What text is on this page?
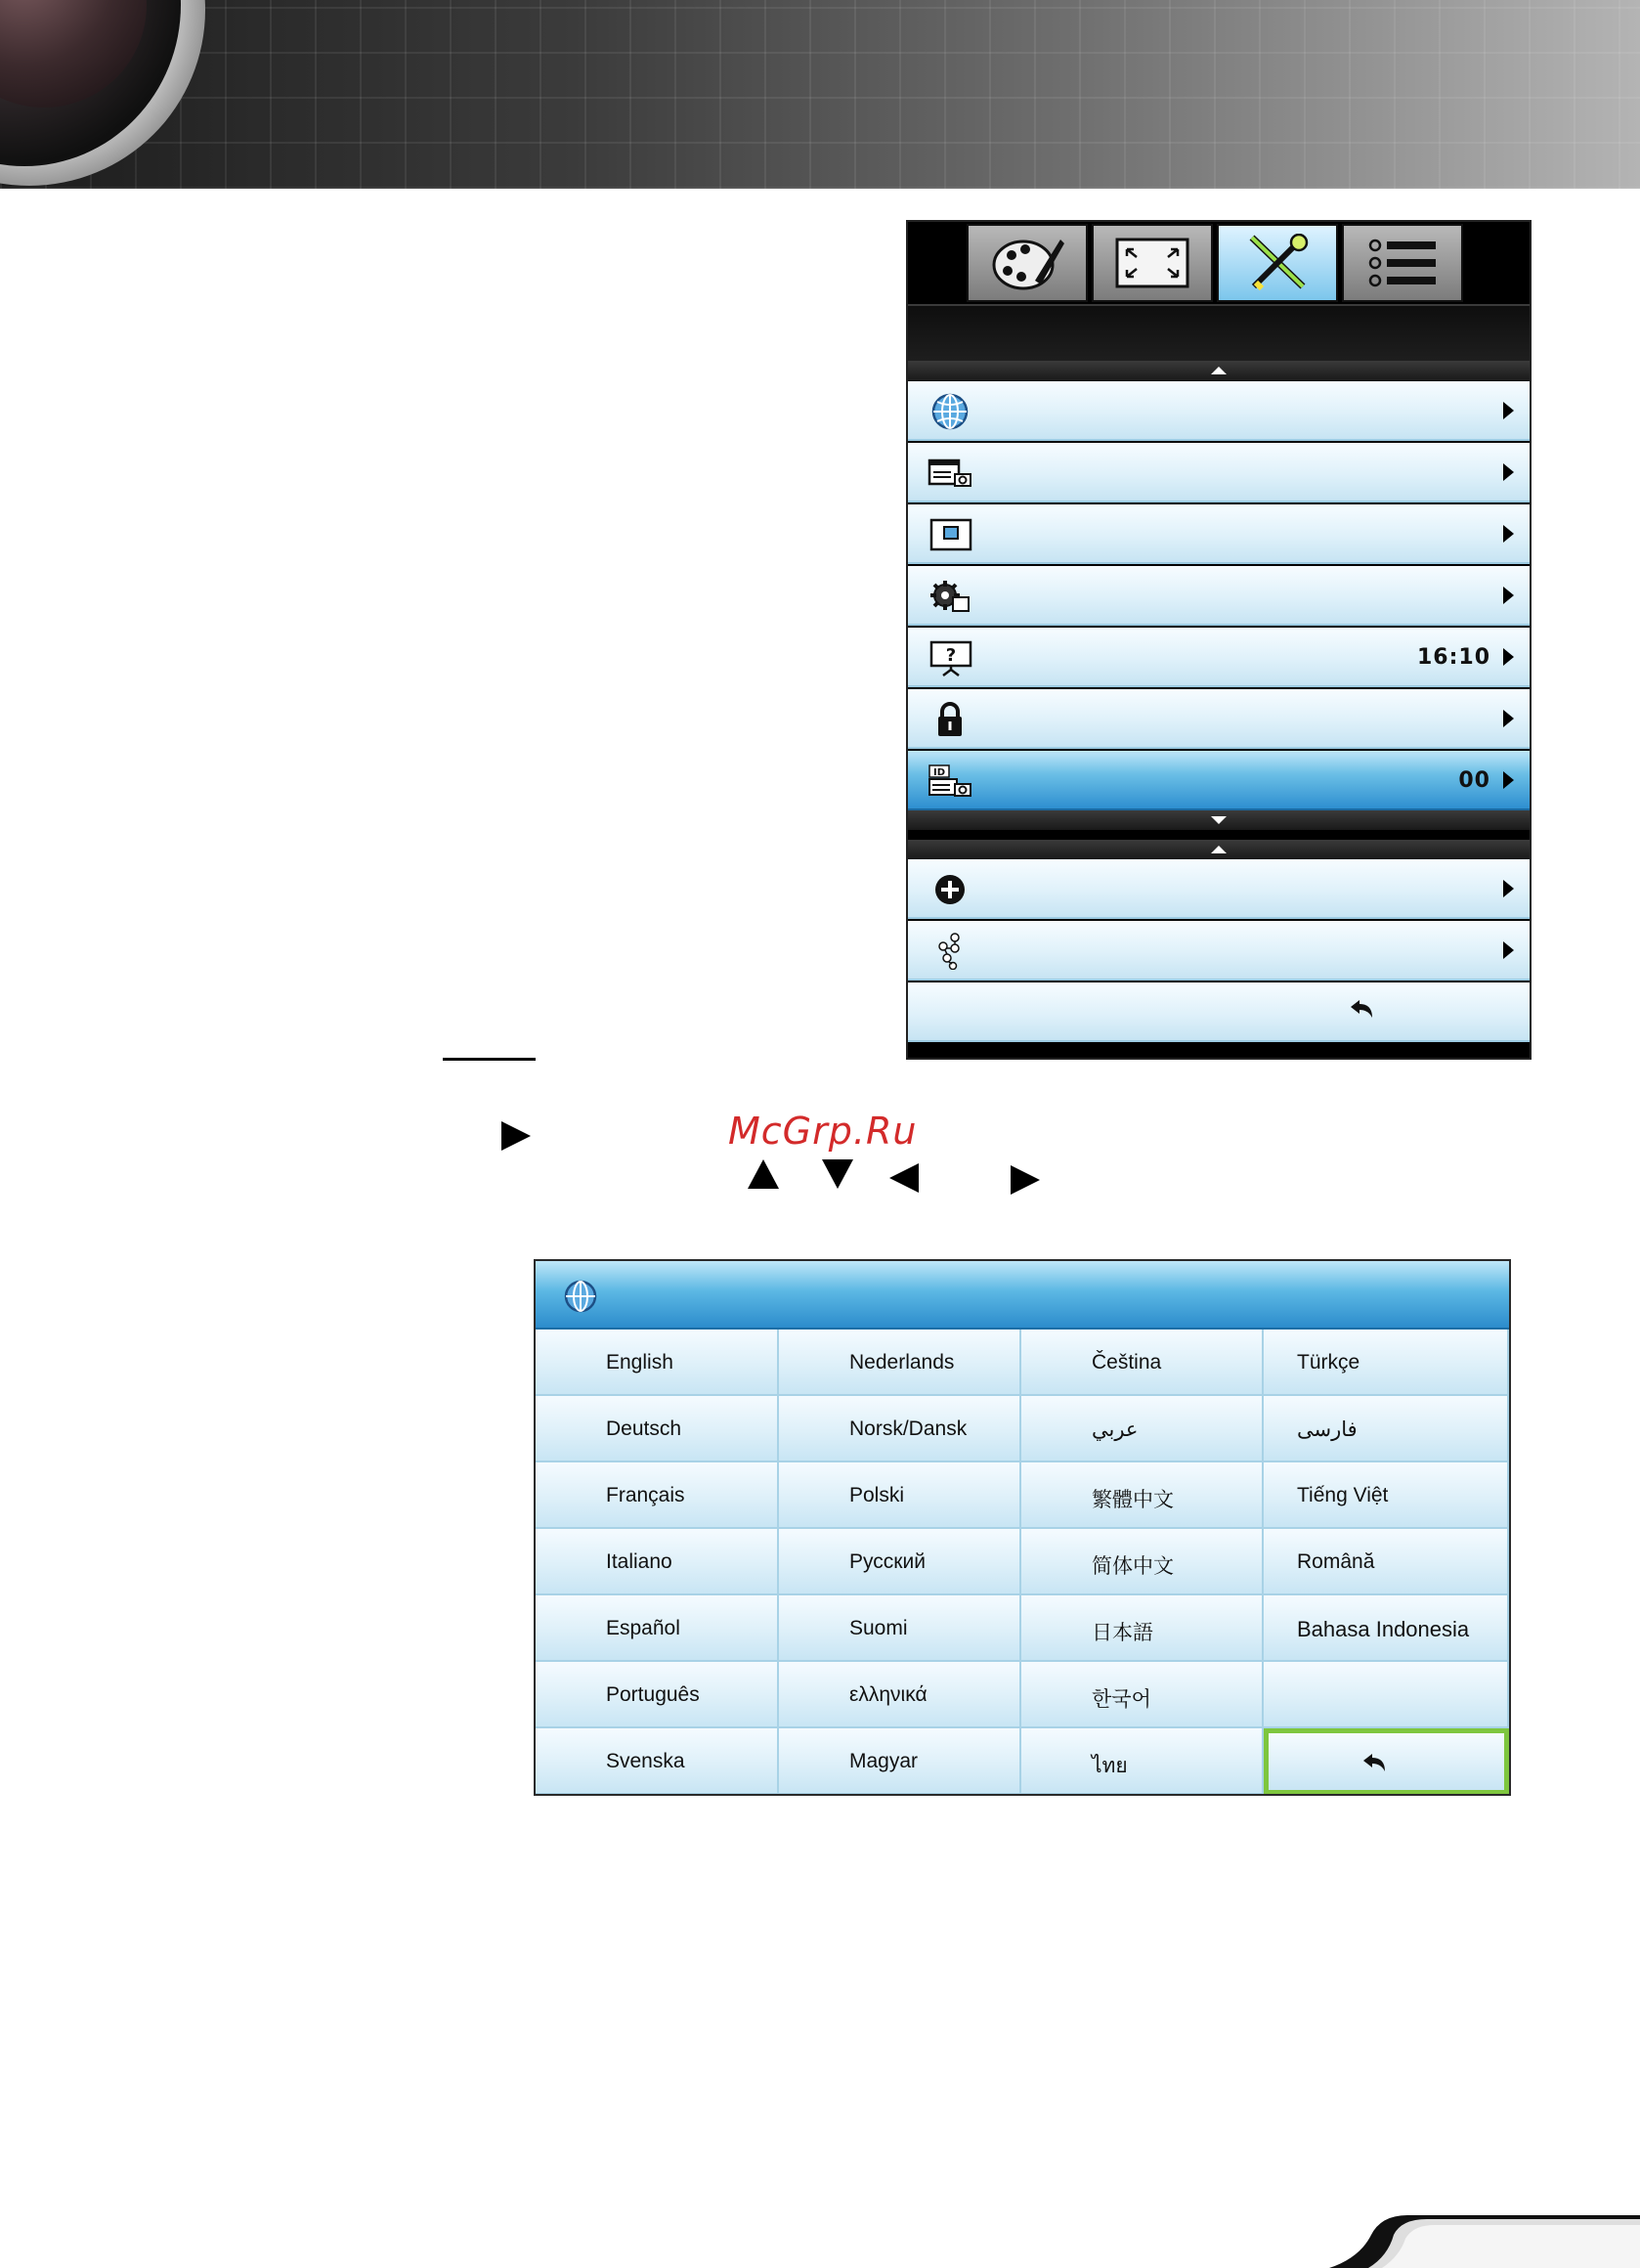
?	16:10
ID	00
McGrp.Ru
English
Deutsch
Français
Italiano
Español
Português
Svenska
Nederlands
Norsk/Dansk
Polski
Русский
Suomi
ελληνικά
Magyar
Čeština
عربي
繁體中文
简体中文
日本語
한국어
ไทย
Türkçe
فارسی
Tiếng Việt
Română
Bahasa Indonesia
